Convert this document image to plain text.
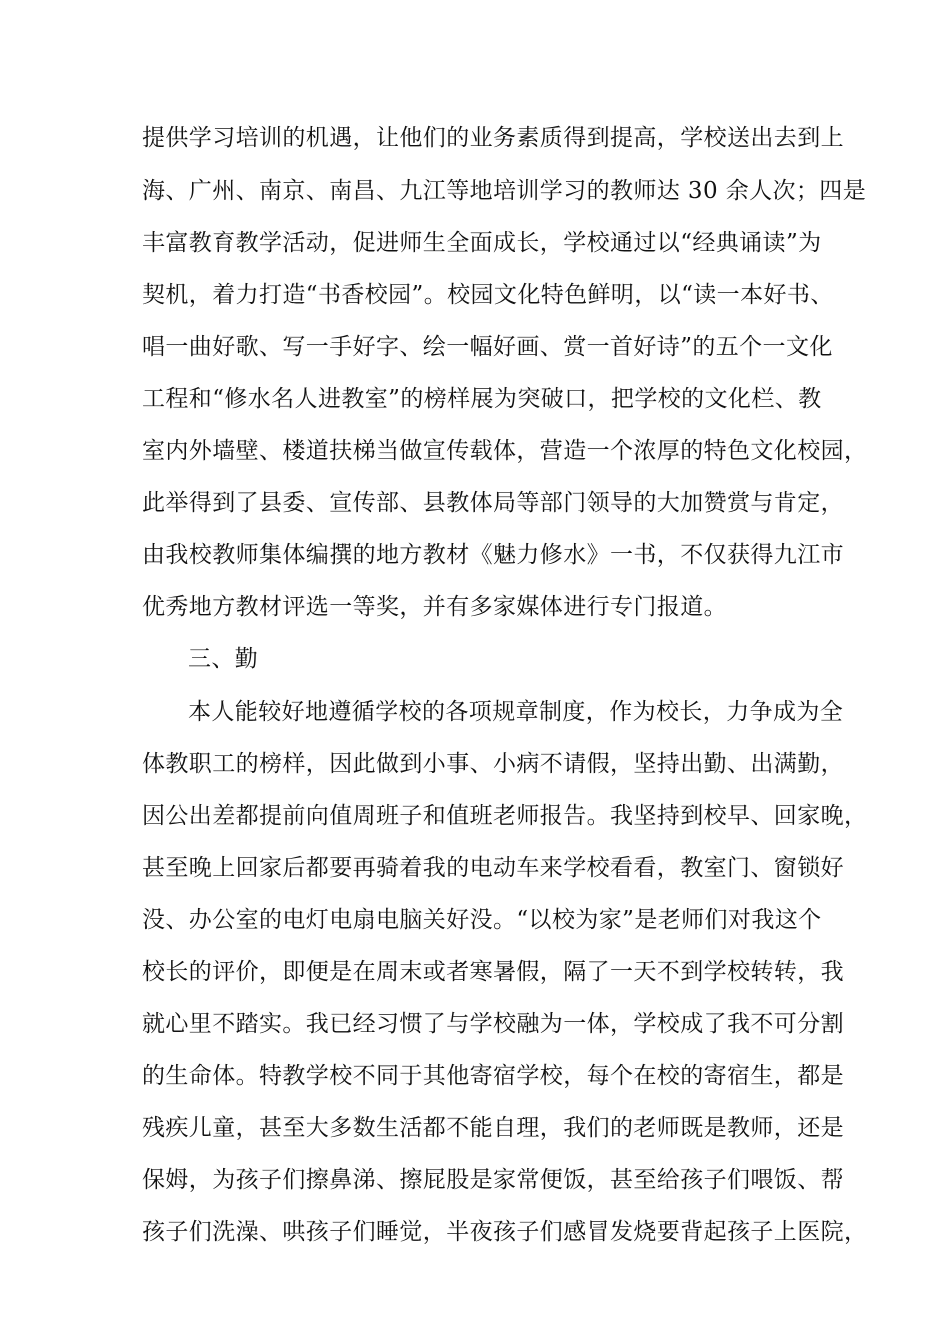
提供学习培训的机遇，让他们的业务素质得到提高，学校送出去到上
海、广州、南京、南昌、九江等地培训学习的教师达 30 余人次；四是
丰富教育教学活动，促进师生全面成长，学校通过以“经典诵读”为
契机，着力打造“书香校园”。校园文化特色鲜明，以“读一本好书、
唱一曲好歌、写一手好字、绘一幅好画、赏一首好诗”的五个一文化
工程和“修水名人进教室”的榜样展为突破口，把学校的文化栏、教
室内外墙壁、楼道扶梯当做宣传载体，营造一个浓厚的特色文化校园，
此举得到了县委、宣传部、县教体局等部门领导的大加赞赏与肯定，
由我校教师集体编撰的地方教材《魅力修水》一书，不仅获得九江市
优秀地方教材评选一等奖，并有多家媒体进行专门报道。
三、勤
本人能较好地遵循学校的各项规章制度，作为校长，力争成为全
体教职工的榜样，因此做到小事、小病不请假，坚持出勤、出满勤，
因公出差都提前向值周班子和值班老师报告。我坚持到校早、回家晚，
甚至晚上回家后都要再骑着我的电动车来学校看看，教室门、窗锁好
没、办公室的电灯电扇电脑关好没。“以校为家”是老师们对我这个
校长的评价，即便是在周末或者寒暑假，隔了一天不到学校转转，我
就心里不踏实。我已经习惯了与学校融为一体，学校成了我不可分割
的生命体。特教学校不同于其他寄宿学校，每个在校的寄宿生，都是
残疾儿童，甚至大多数生活都不能自理，我们的老师既是教师，还是
保姆，为孩子们擦鼻涕、擦屁股是家常便饭，甚至给孩子们喂饭、帮
孩子们洗澡、哄孩子们睡觉，半夜孩子们感冒发烧要背起孩子上医院，
